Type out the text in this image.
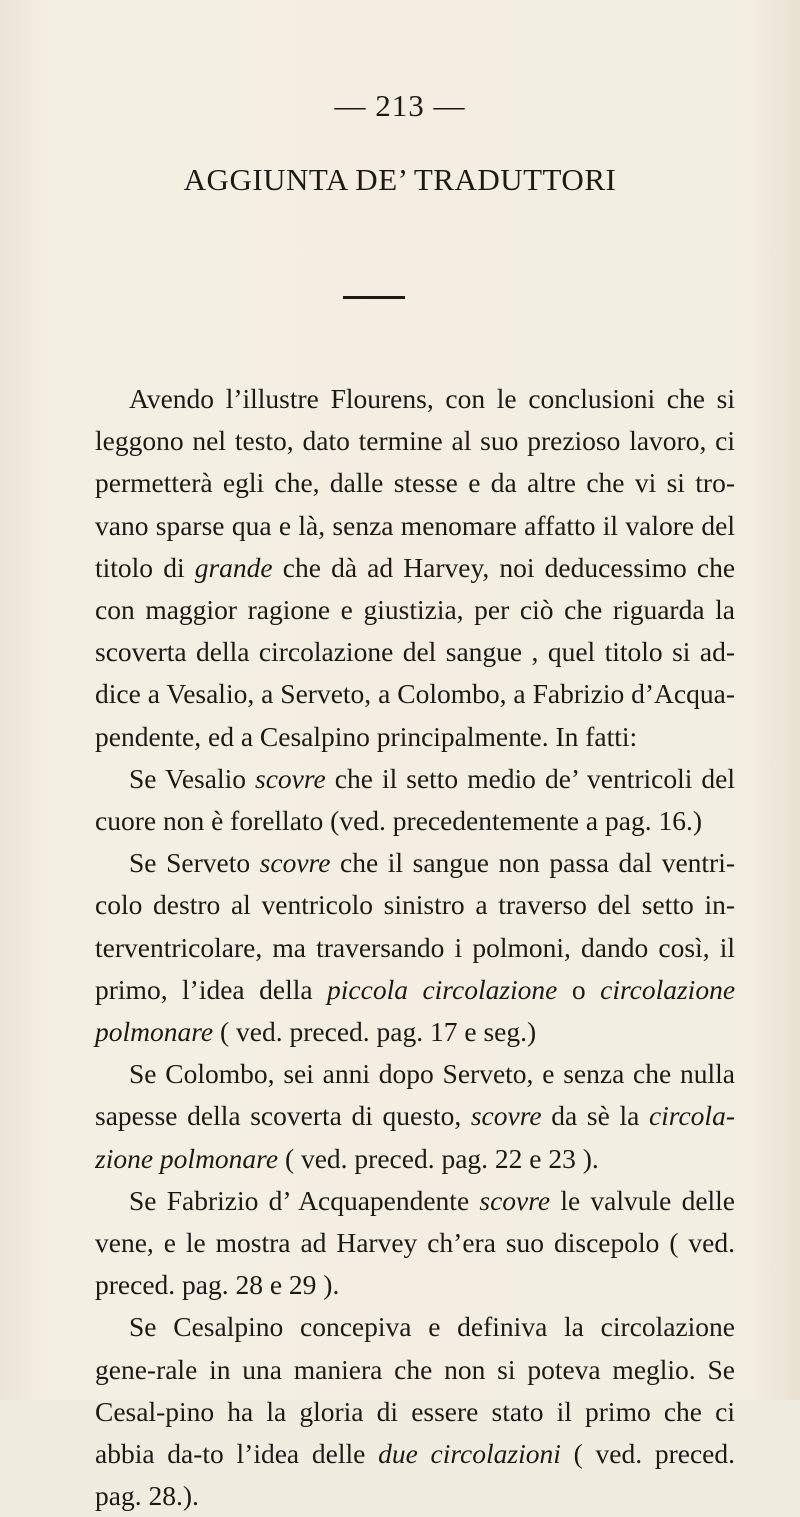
— 213 —
AGGIUNTA DE’ TRADUTTORI

Avendo l’illustre Flourens, con le conclusioni che si leggono nel testo, dato termine al suo prezioso lavoro, ci permetterà egli che, dalle stesse e da altre che vi si tro-vano sparse qua e là, senza menomare affatto il valore del titolo di grande che dà ad Harvey, noi deducessimo che con maggior ragione e giustizia, per ciò che riguarda la scoverta della circolazione del sangue , quel titolo si ad-dice a Vesalio, a Serveto, a Colombo, a Fabrizio d’Acqua-pendente, ed a Cesalpino principalmente. In fatti:

Se Vesalio scovre che il setto medio de’ ventricoli del cuore non è forellato (ved. precedentemente a pag. 16.)

Se Serveto scovre che il sangue non passa dal ventri-colo destro al ventricolo sinistro a traverso del setto in-terventricolare, ma traversando i polmoni, dando così, il primo, l’idea della piccola circolazione o circolazione polmonare ( ved. preced. pag. 17 e seg.)

Se Colombo, sei anni dopo Serveto, e senza che nulla sapesse della scoverta di questo, scovre da sè la circola-zione polmonare ( ved. preced. pag. 22 e 23 ).

Se Fabrizio d’ Acquapendente scovre le valvule delle vene, e le mostra ad Harvey ch’era suo discepolo ( ved. preced. pag. 28 e 29 ).

Se Cesalpino concepiva e definiva la circolazione gene-rale in una maniera che non si poteva meglio. Se Cesal-pino ha la gloria di essere stato il primo che ci abbia da-to l’idea delle due circolazioni ( ved. preced. pag. 28.).
